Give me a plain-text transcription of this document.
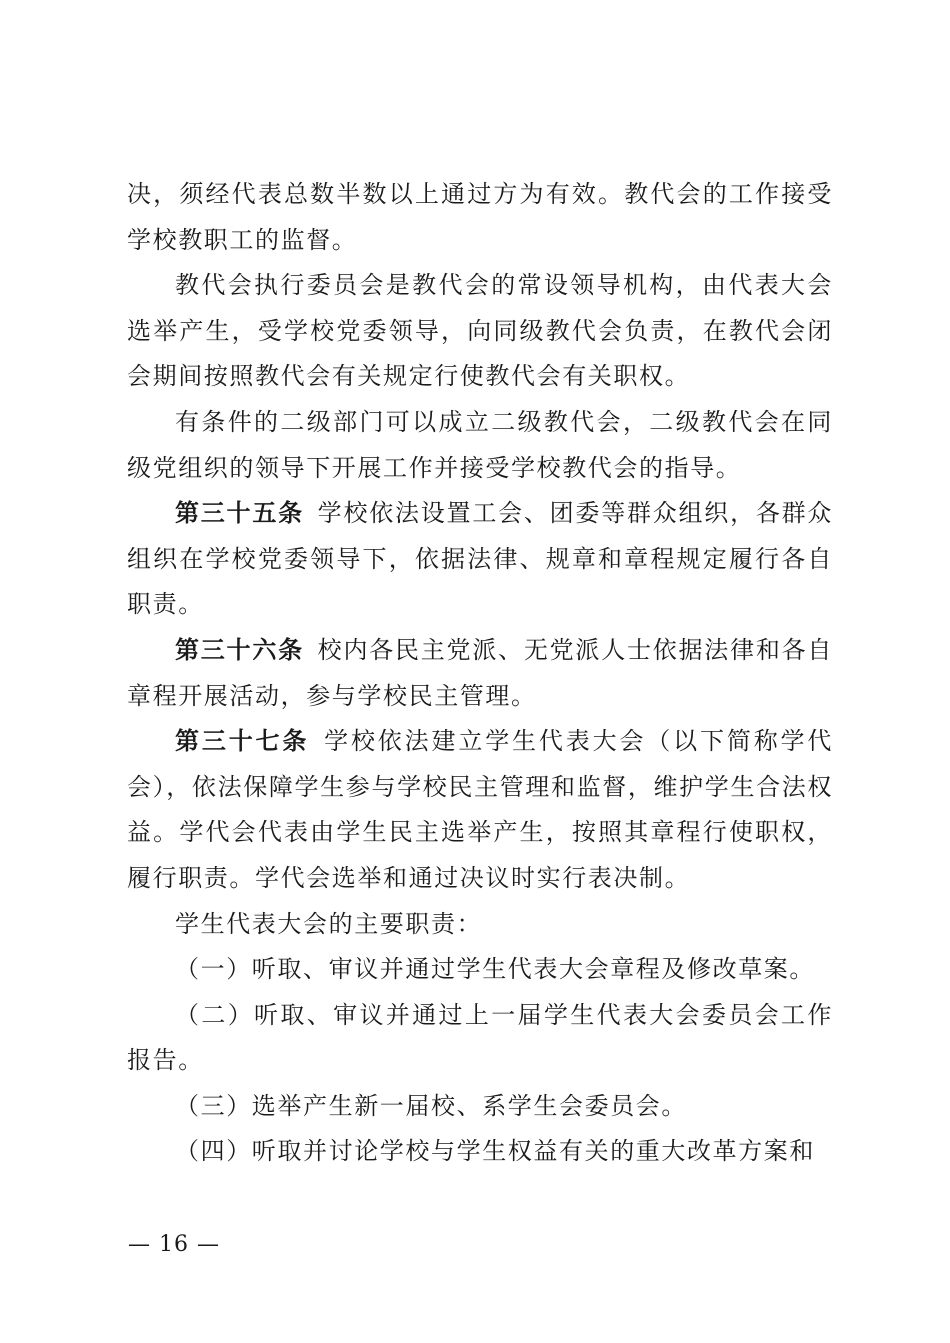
决，须经代表总数半数以上通过方为有效。教代会的工作接受学校教职工的监督。

教代会执行委员会是教代会的常设领导机构，由代表大会选举产生，受学校党委领导，向同级教代会负责，在教代会闭会期间按照教代会有关规定行使教代会有关职权。

有条件的二级部门可以成立二级教代会，二级教代会在同级党组织的领导下开展工作并接受学校教代会的指导。

第三十五条  学校依法设置工会、团委等群众组织，各群众组织在学校党委领导下，依据法律、规章和章程规定履行各自职责。

第三十六条  校内各民主党派、无党派人士依据法律和各自章程开展活动，参与学校民主管理。

第三十七条  学校依法建立学生代表大会（以下简称学代会），依法保障学生参与学校民主管理和监督，维护学生合法权益。学代会代表由学生民主选举产生，按照其章程行使职权，履行职责。学代会选举和通过决议时实行表决制。

学生代表大会的主要职责：

（一）听取、审议并通过学生代表大会章程及修改草案。

（二）听取、审议并通过上一届学生代表大会委员会工作报告。

（三）选举产生新一届校、系学生会委员会。

（四）听取并讨论学校与学生权益有关的重大改革方案和

— 16 —
